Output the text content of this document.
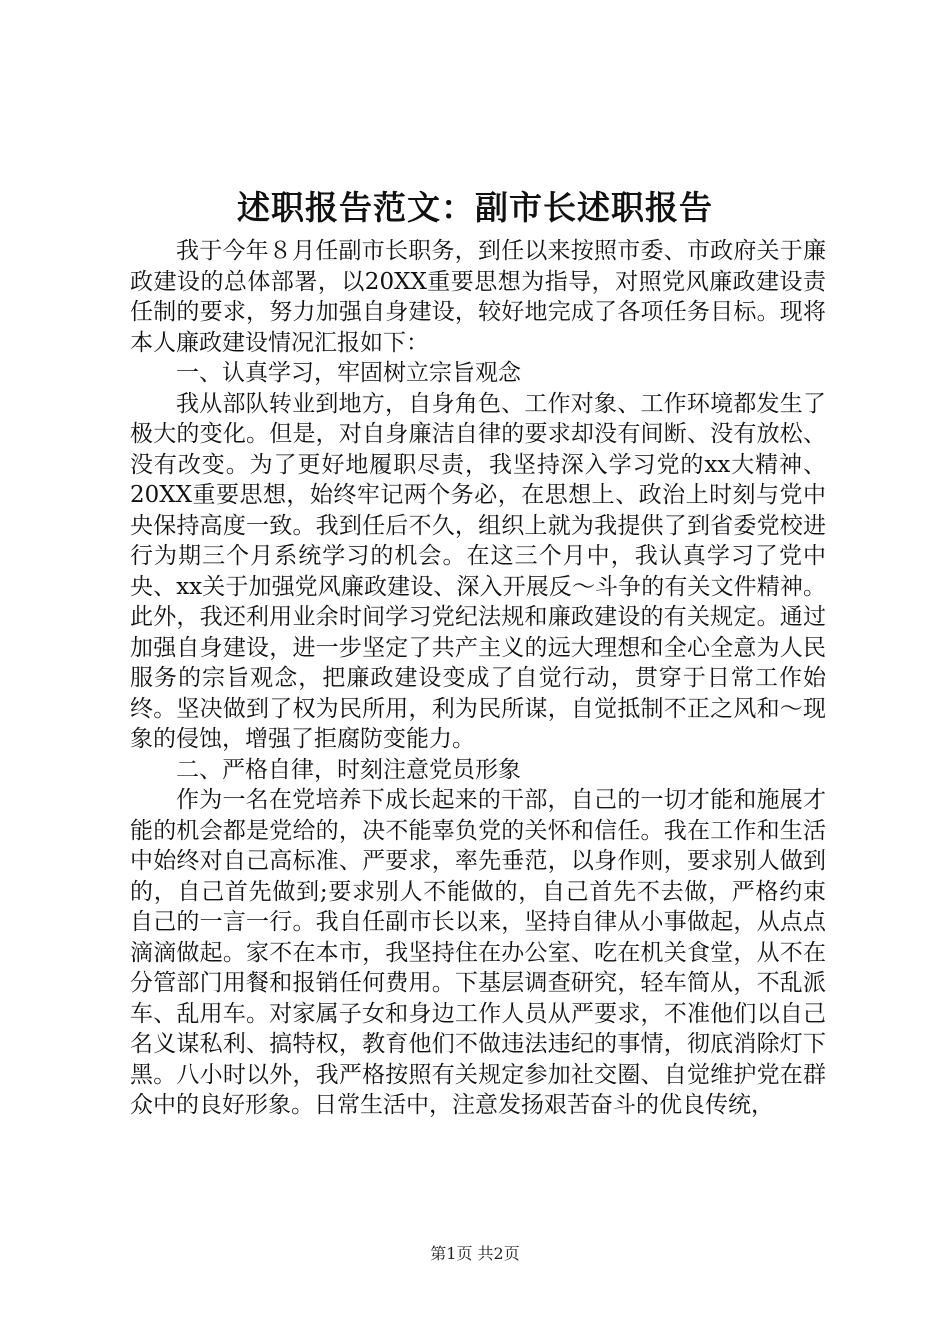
述职报告范文：副市长述职报告

我于今年８月任副市长职务，到任以来按照市委、市政府关于廉政建设的总体部署，以20XX重要思想为指导，对照党风廉政建设责任制的要求，努力加强自身建设，较好地完成了各项任务目标。现将本人廉政建设情况汇报如下：

一、认真学习，牢固树立宗旨观念

我从部队转业到地方，自身角色、工作对象、工作环境都发生了极大的变化。但是，对自身廉洁自律的要求却没有间断、没有放松、没有改变。为了更好地履职尽责，我坚持深入学习党的xx大精神、20XX重要思想，始终牢记两个务必，在思想上、政治上时刻与党中央保持高度一致。我到任后不久，组织上就为我提供了到省委党校进行为期三个月系统学习的机会。在这三个月中，我认真学习了党中央、xx关于加强党风廉政建设、深入开展反～斗争的有关文件精神。此外，我还利用业余时间学习党纪法规和廉政建设的有关规定。通过加强自身建设，进一步坚定了共产主义的远大理想和全心全意为人民服务的宗旨观念，把廉政建设变成了自觉行动，贯穿于日常工作始终。坚决做到了权为民所用，利为民所谋，自觉抵制不正之风和～现象的侵蚀，增强了拒腐防变能力。

二、严格自律，时刻注意党员形象

作为一名在党培养下成长起来的干部，自己的一切才能和施展才能的机会都是党给的，决不能辜负党的关怀和信任。我在工作和生活中始终对自己高标准、严要求，率先垂范，以身作则，要求别人做到的，自己首先做到;要求别人不能做的，自己首先不去做，严格约束自己的一言一行。我自任副市长以来，坚持自律从小事做起，从点点滴滴做起。家不在本市，我坚持住在办公室、吃在机关食堂，从不在分管部门用餐和报销任何费用。下基层调查研究，轻车简从，不乱派车、乱用车。对家属子女和身边工作人员从严要求，不准他们以自己名义谋私利、搞特权，教育他们不做违法违纪的事情，彻底消除灯下黑。八小时以外，我严格按照有关规定参加社交圈、自觉维护党在群众中的良好形象。日常生活中，注意发扬艰苦奋斗的优良传统，

第1页 共2页
